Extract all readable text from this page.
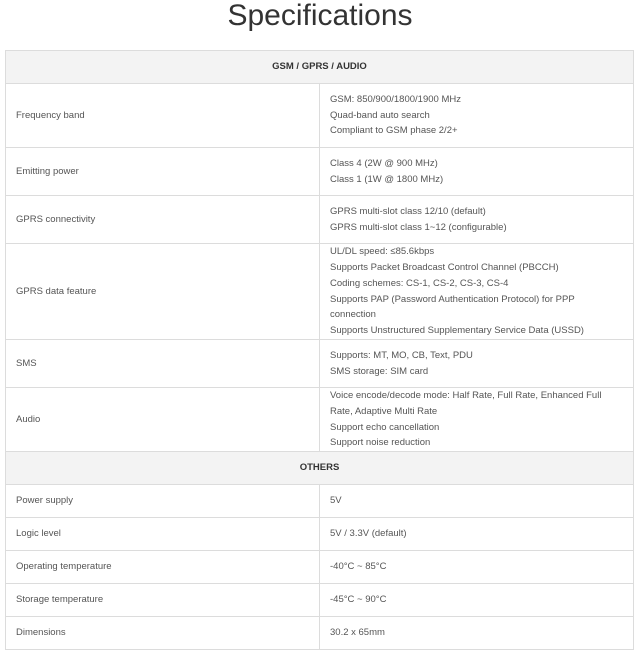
Specifications
GSM / GPRS / AUDIO	
Frequency band	GSM: 850/900/1800/1900 MHz
Quad-band auto search
Compliant to GSM phase 2/2+

Emitting power	Class 4 (2W @ 900 MHz)
Class 1 (1W @ 1800 MHz)

GPRS connectivity	GPRS multi-slot class 12/10 (default)
GPRS multi-slot class 1~12 (configurable)

GPRS data feature	UL/DL speed: ≤85.6kbps
Supports Packet Broadcast Control Channel (PBCCH)
Coding schemes: CS-1, CS-2, CS-3, CS-4
Supports PAP (Password Authentication Protocol) for PPP connection
Supports Unstructured Supplementary Service Data (USSD)

SMS	Supports: MT, MO, CB, Text, PDU
SMS storage: SIM card

Audio	Voice encode/decode mode: Half Rate, Full Rate, Enhanced Full Rate, Adaptive Multi Rate
Support echo cancellation
Support noise reduction

OTHERS	
Power supply	5V

Logic level	5V / 3.3V (default)

Operating temperature	-40°C ~ 85°C

Storage temperature	-45°C ~ 90°C

Dimensions	30.2 x 65mm
